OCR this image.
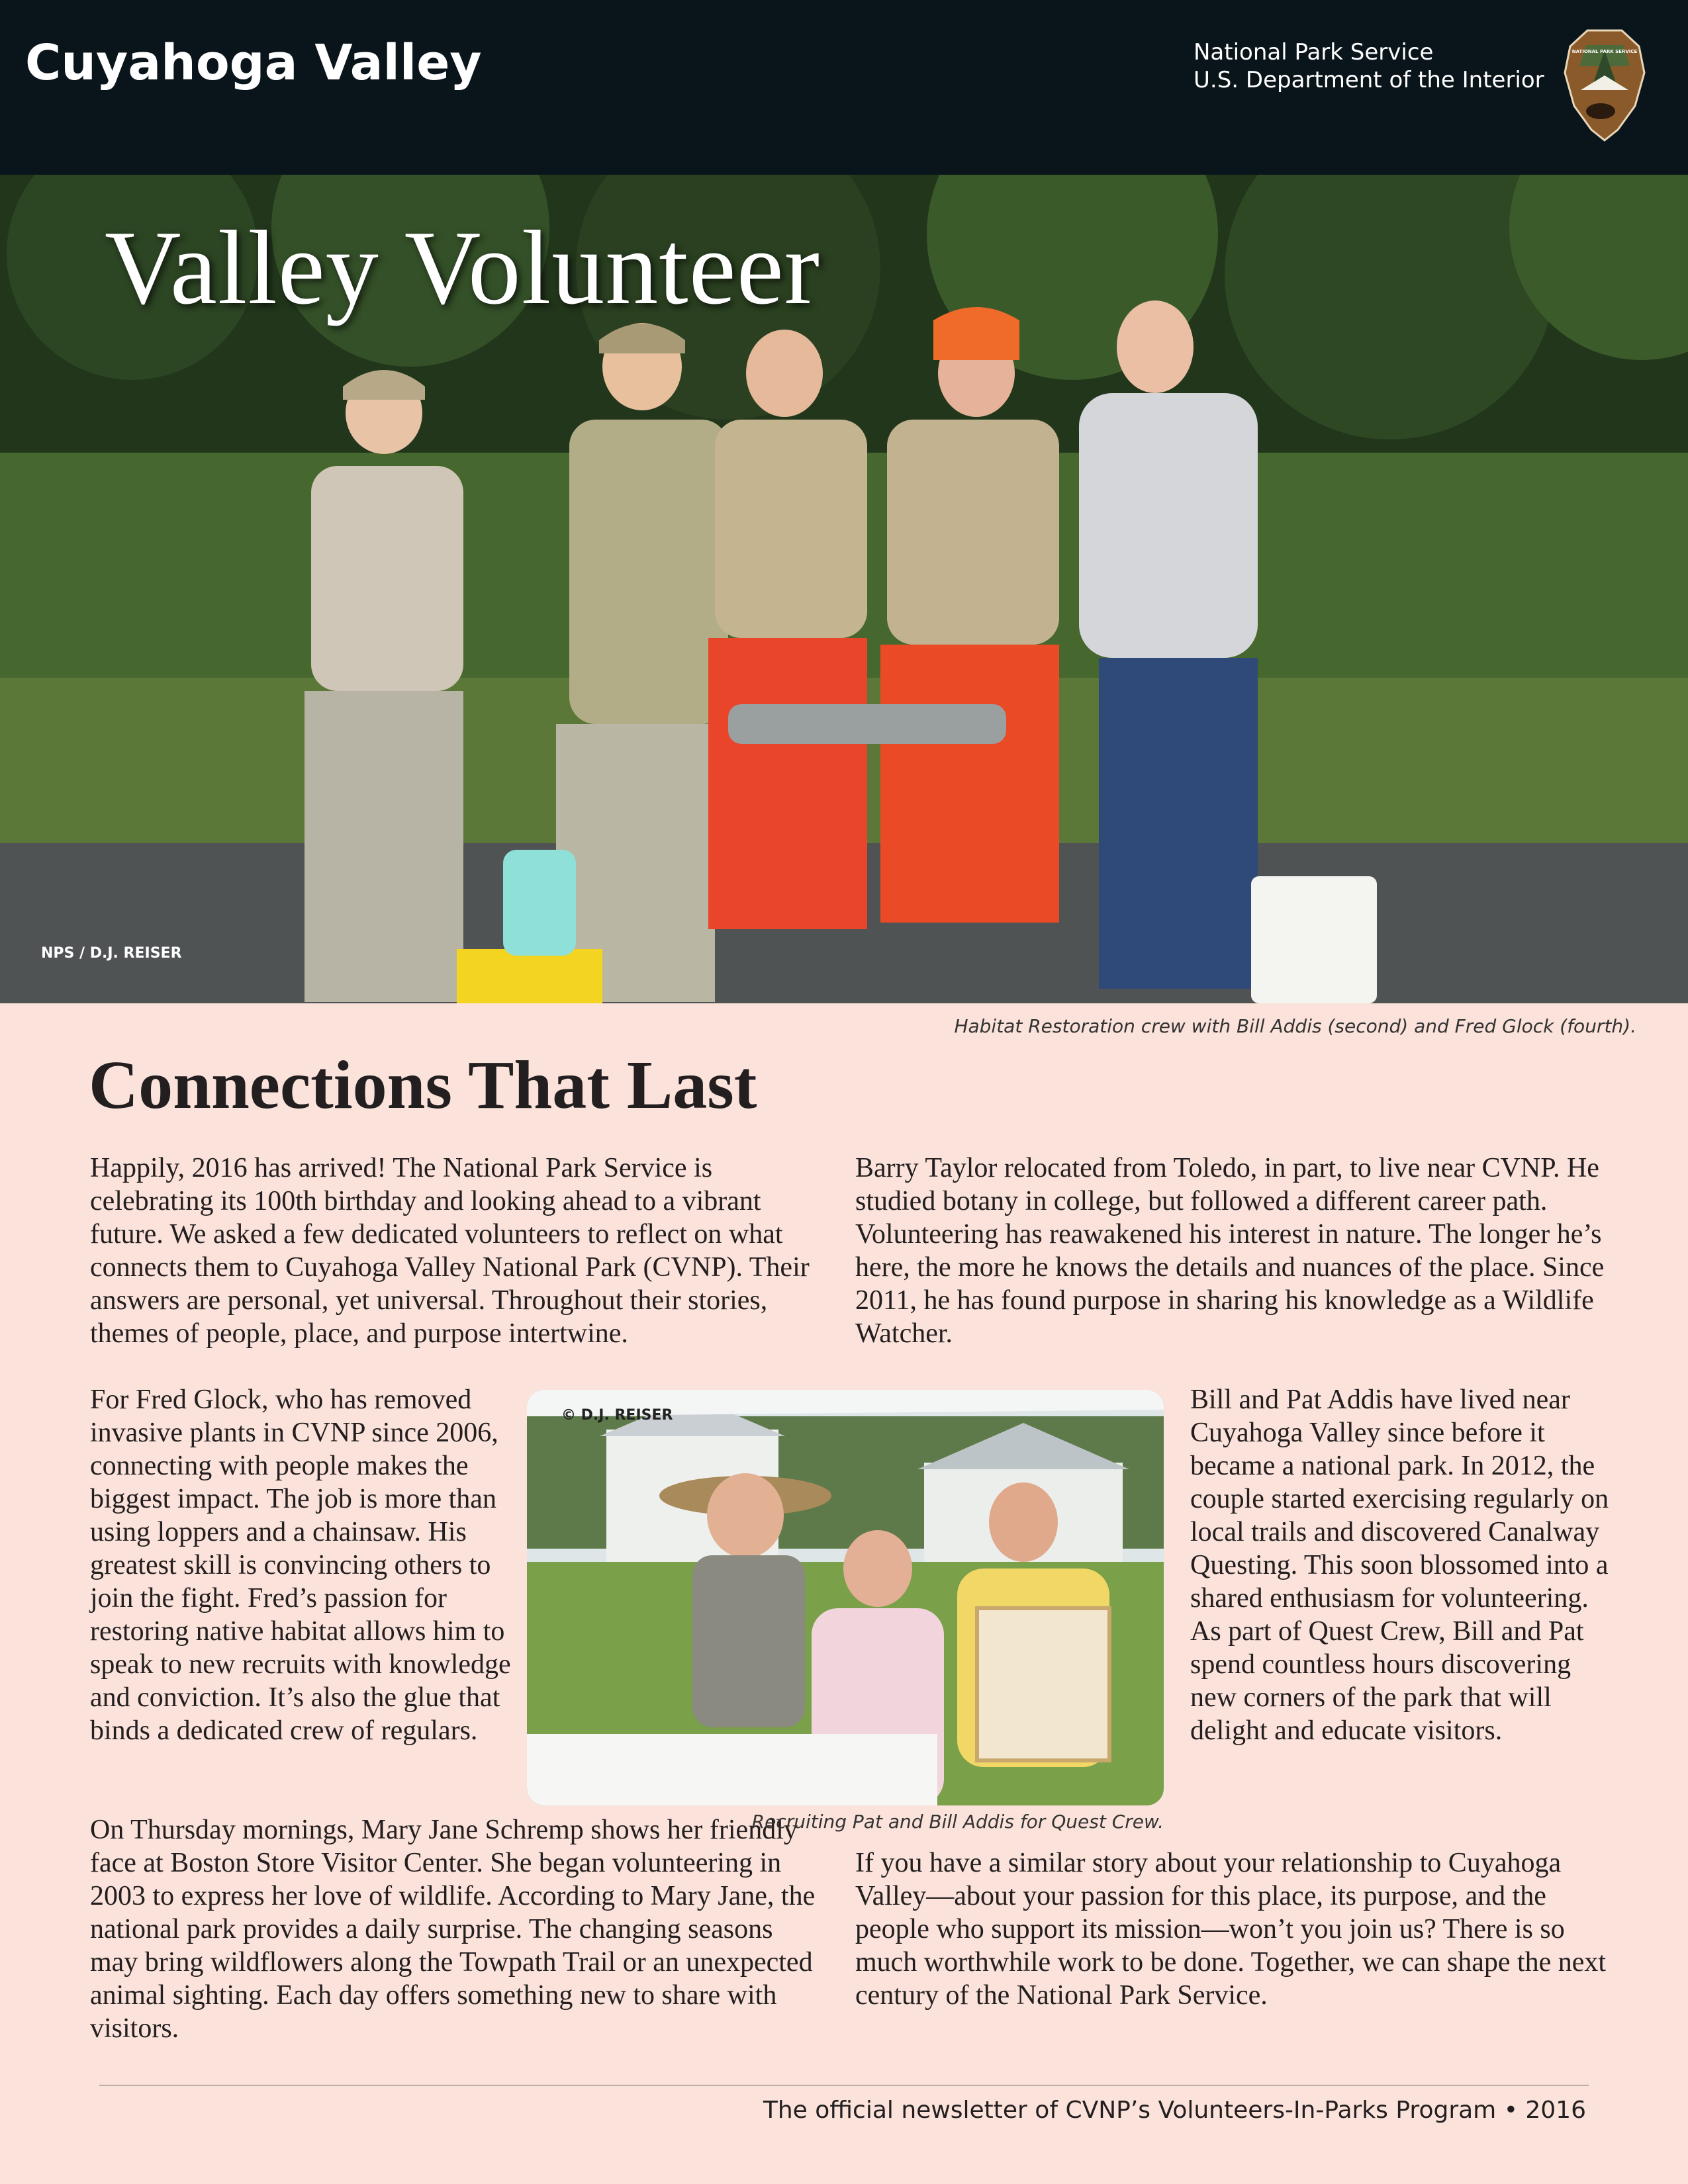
Cuyahoga Valley	National Park Service
U.S. Department of the Interior
NATIONAL PARK SERVICE
Valley Volunteer
NPS / D.J. REISER
Habitat Restoration crew with Bill Addis (second) and Fred Glock (fourth).
Connections That Last

Happily, 2016 has arrived! The National Park Service is celebrating its 100th birthday and looking ahead to a vibrant future. We asked a few dedicated volunteers to reflect on what connects them to Cuyahoga Valley National Park (CVNP). Their answers are personal, yet universal. Throughout their stories, themes of people, place, and purpose intertwine.

Barry Taylor relocated from Toledo, in part, to live near CVNP. He studied botany in college, but followed a different career path. Volunteering has reawakened his interest in nature. The longer he’s here, the more he knows the details and nuances of the place. Since 2011, he has found purpose in sharing his knowledge as a Wildlife Watcher.

For Fred Glock, who has removed invasive plants in CVNP since 2006, connecting with people makes the biggest impact. The job is more than using loppers and a chainsaw. His greatest skill is convincing others to join the fight. Fred’s passion for restoring native habitat allows him to speak to new recruits with knowledge and conviction. It’s also the glue that binds a dedicated crew of regulars.

Bill and Pat Addis have lived near Cuyahoga Valley since before it became a national park. In 2012, the couple started exercising regularly on local trails and discovered Canalway Questing. This soon blossomed into a shared enthusiasm for volunteering. As part of Quest Crew, Bill and Pat spend countless hours discovering new corners of the park that will delight and educate visitors.

On Thursday mornings, Mary Jane Schremp shows her friendly face at Boston Store Visitor Center. She began volunteering in 2003 to express her love of wildlife. According to Mary Jane, the national park provides a daily surprise. The changing seasons may bring wildflowers along the Towpath Trail or an unexpected animal sighting. Each day offers something new to share with visitors.

If you have a similar story about your relationship to Cuyahoga Valley—about your passion for this place, its purpose, and the people who support its mission—won’t you join us? There is so much worthwhile work to be done. Together, we can shape the next century of the National Park Service.

© D.J. REISER
Recruiting Pat and Bill Addis for Quest Crew.
The official newsletter of CVNP’s Volunteers-In-Parks Program • 2016
